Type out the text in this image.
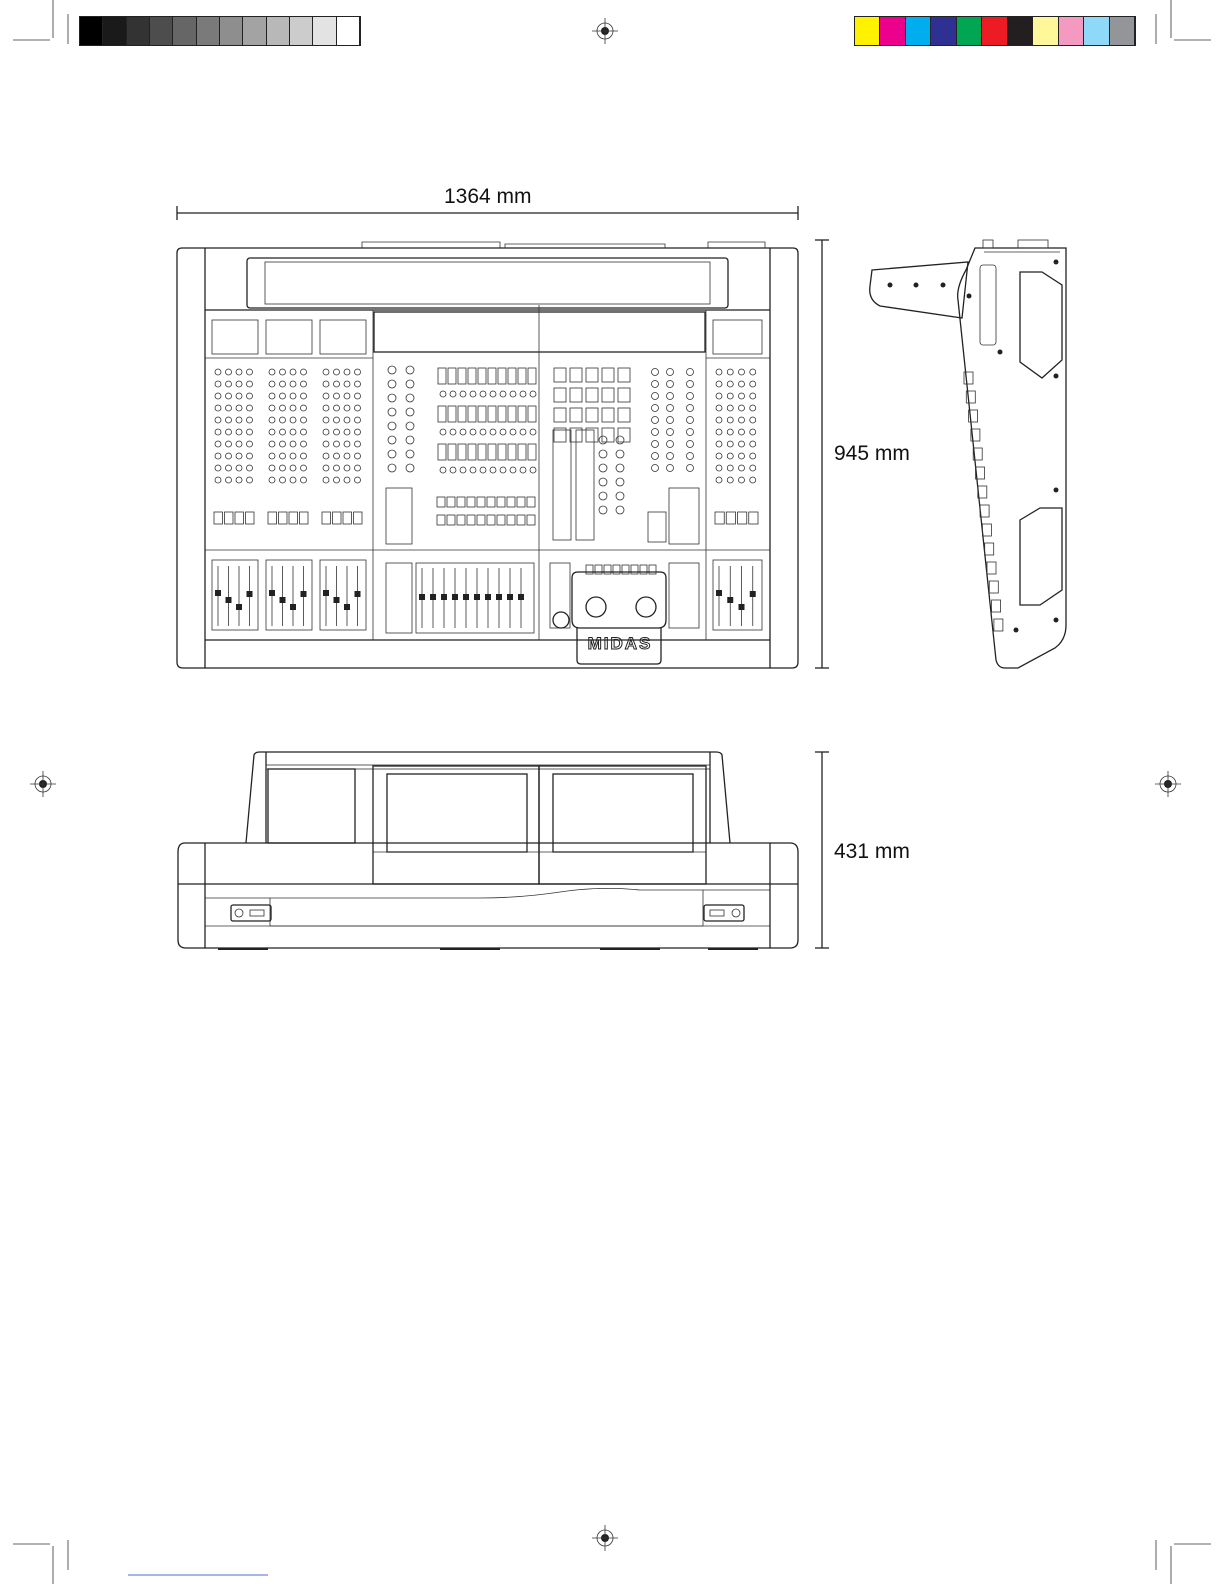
1364 mm
945 mm
431 mm
MIDAS
